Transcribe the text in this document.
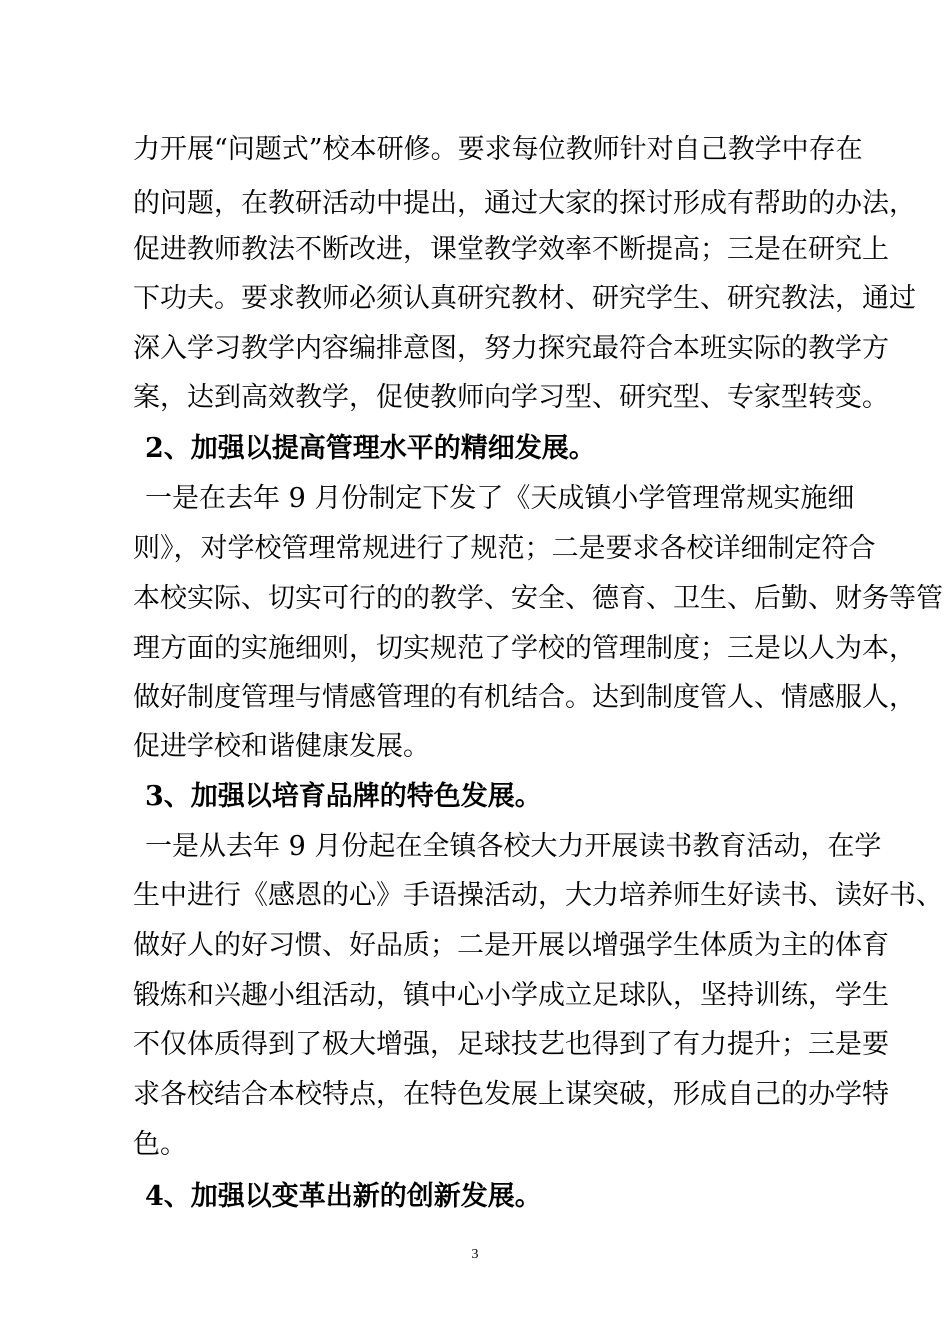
力开展“问题式”校本研修。要求每位教师针对自己教学中存在
的问题，在教研活动中提出，通过大家的探讨形成有帮助的办法，
促进教师教法不断改进，课堂教学效率不断提高；三是在研究上
下功夫。要求教师必须认真研究教材、研究学生、研究教法，通过
深入学习教学内容编排意图，努力探究最符合本班实际的教学方
案，达到高效教学，促使教师向学习型、研究型、专家型转变。
2、加强以提高管理水平的精细发展。
一是在去年 9 月份制定下发了《天成镇小学管理常规实施细
则》，对学校管理常规进行了规范；二是要求各校详细制定符合
本校实际、切实可行的的教学、安全、德育、卫生、后勤、财务等管
理方面的实施细则，切实规范了学校的管理制度；三是以人为本，
做好制度管理与情感管理的有机结合。达到制度管人、情感服人，
促进学校和谐健康发展。
3、加强以培育品牌的特色发展。
一是从去年 9 月份起在全镇各校大力开展读书教育活动，在学
生中进行《感恩的心》手语操活动，大力培养师生好读书、读好书、
做好人的好习惯、好品质；二是开展以增强学生体质为主的体育
锻炼和兴趣小组活动，镇中心小学成立足球队，坚持训练，学生
不仅体质得到了极大增强，足球技艺也得到了有力提升；三是要
求各校结合本校特点，在特色发展上谋突破，形成自己的办学特
色。
4、加强以变革出新的创新发展。
3
